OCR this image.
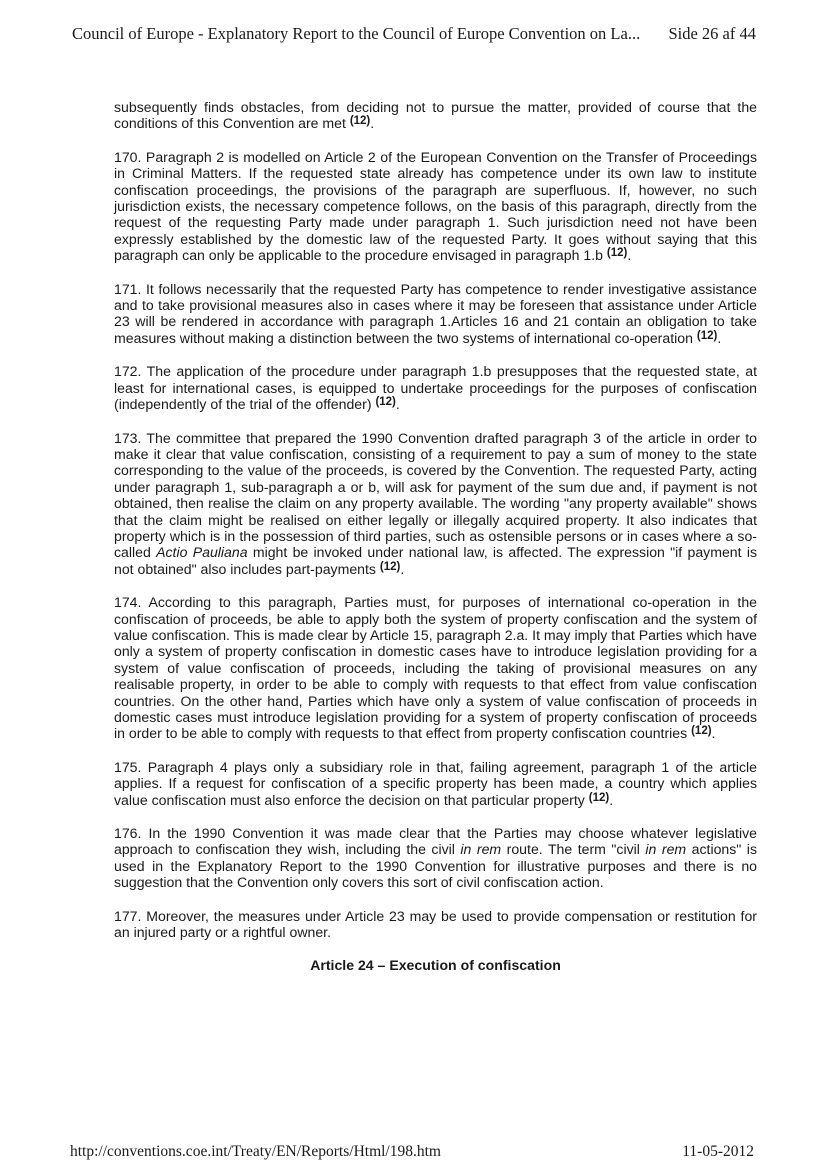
Council of Europe - Explanatory Report to the Council of Europe Convention on La... Side 26 af 44

subsequently finds obstacles, from deciding not to pursue the matter, provided of course that the conditions of this Convention are met $^{(12)}$.

170. Paragraph 2 is modelled on Article 2 of the European Convention on the Transfer of Proceedings in Criminal Matters. If the requested state already has competence under its own law to institute confiscation proceedings, the provisions of the paragraph are superfluous. If, however, no such jurisdiction exists, the necessary competence follows, on the basis of this paragraph, directly from the request of the requesting Party made under paragraph 1. Such jurisdiction need not have been expressly established by the domestic law of the requested Party. It goes without saying that this paragraph can only be applicable to the procedure envisaged in paragraph 1.b $^{(12)}$.

171. It follows necessarily that the requested Party has competence to render investigative assistance and to take provisional measures also in cases where it may be foreseen that assistance under Article 23 will be rendered in accordance with paragraph 1.Articles 16 and 21 contain an obligation to take measures without making a distinction between the two systems of international co-operation $^{(12)}$.

172. The application of the procedure under paragraph 1.b presupposes that the requested state, at least for international cases, is equipped to undertake proceedings for the purposes of confiscation (independently of the trial of the offender) $^{(12)}$.

173. The committee that prepared the 1990 Convention drafted paragraph 3 of the article in order to make it clear that value confiscation, consisting of a requirement to pay a sum of money to the state corresponding to the value of the proceeds, is covered by the Convention. The requested Party, acting under paragraph 1, sub-paragraph a or b, will ask for payment of the sum due and, if payment is not obtained, then realise the claim on any property available. The wording "any property available" shows that the claim might be realised on either legally or illegally acquired property. It also indicates that property which is in the possession of third parties, such as ostensible persons or in cases where a so-called Actio Pauliana might be invoked under national law, is affected. The expression "if payment is not obtained" also includes part-payments $^{(12)}$.

174. According to this paragraph, Parties must, for purposes of international co-operation in the confiscation of proceeds, be able to apply both the system of property confiscation and the system of value confiscation. This is made clear by Article 15, paragraph 2.a. It may imply that Parties which have only a system of property confiscation in domestic cases have to introduce legislation providing for a system of value confiscation of proceeds, including the taking of provisional measures on any realisable property, in order to be able to comply with requests to that effect from value confiscation countries. On the other hand, Parties which have only a system of value confiscation of proceeds in domestic cases must introduce legislation providing for a system of property confiscation of proceeds in order to be able to comply with requests to that effect from property confiscation countries $^{(12)}$.

175. Paragraph 4 plays only a subsidiary role in that, failing agreement, paragraph 1 of the article applies. If a request for confiscation of a specific property has been made, a country which applies value confiscation must also enforce the decision on that particular property $^{(12)}$.

176. In the 1990 Convention it was made clear that the Parties may choose whatever legislative approach to confiscation they wish, including the civil in rem route. The term "civil in rem actions" is used in the Explanatory Report to the 1990 Convention for illustrative purposes and there is no suggestion that the Convention only covers this sort of civil confiscation action.

177. Moreover, the measures under Article 23 may be used to provide compensation or restitution for an injured party or a rightful owner.

Article 24 – Execution of confiscation
http://conventions.coe.int/Treaty/EN/Reports/Html/198.htm	11-05-2012
